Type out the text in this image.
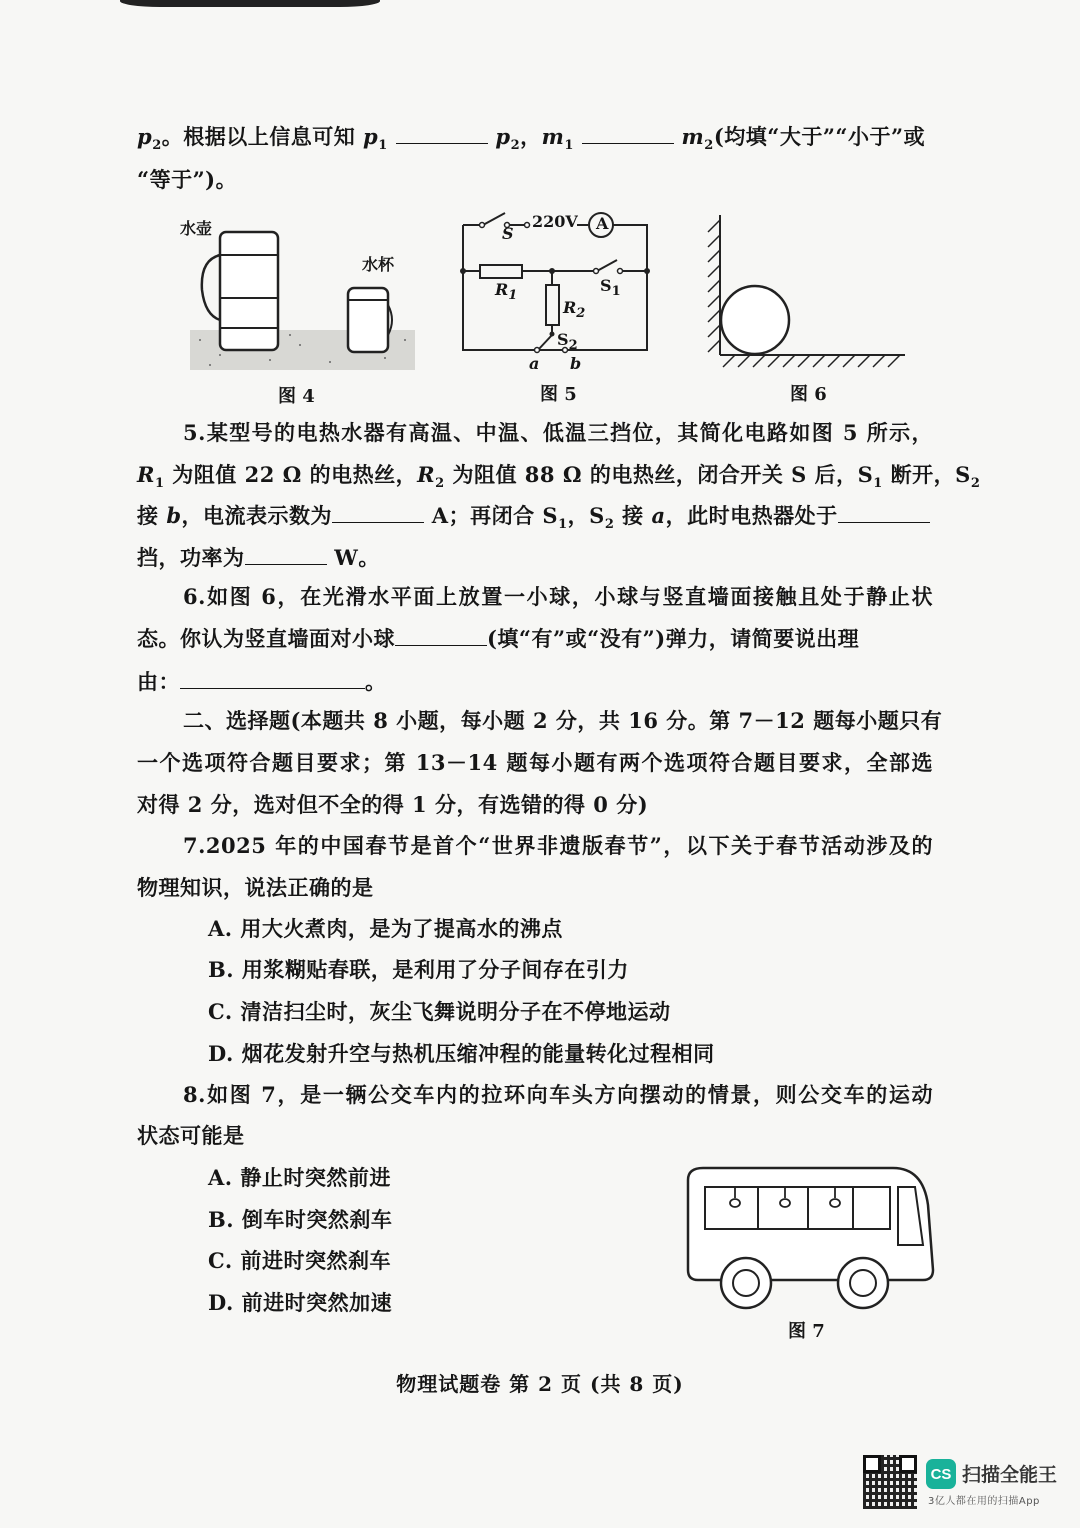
$p_2$。根据以上信息可知 $p_1$	$p_2$，$m_1$	$m_2$(均填“大于”“小于”或
“等于”)。
水壶
水杯
图 4
S
220V A
$R_1$
$R_2$
$S_1$
$S_2$
a b
图 5	图 6
5.某型号的电热水器有高温、中温、低温三挡位，其简化电路如图 5 所示，
$R_1$ 为阻值 22 Ω 的电热丝，$R_2$ 为阻值 88 Ω 的电热丝，闭合开关 S 后，$S_1$ 断开，$S_2$
接 b，电流表示数为	A；再闭合 $S_1$，$S_2$ 接 a，此时电热器处于
挡，功率为	W。
6.如图 6，在光滑水平面上放置一小球，小球与竖直墙面接触且处于静止状
态。你认为竖直墙面对小球	(填“有”或“没有”)弹力，请简要说出理
由：	。
二、选择题(本题共 8 小题，每小题 2 分，共 16 分。第 7－12 题每小题只有
一个选项符合题目要求；第 13－14 题每小题有两个选项符合题目要求，全部选
对得 2 分，选对但不全的得 1 分，有选错的得 0 分)
7.2025 年的中国春节是首个“世界非遗版春节”，以下关于春节活动涉及的
物理知识，说法正确的是
A. 用大火煮肉，是为了提高水的沸点
B. 用浆糊贴春联，是利用了分子间存在引力
C. 清洁扫尘时，灰尘飞舞说明分子在不停地运动
D. 烟花发射升空与热机压缩冲程的能量转化过程相同
8.如图 7，是一辆公交车内的拉环向车头方向摆动的情景，则公交车的运动
状态可能是
A. 静止时突然前进
B. 倒车时突然刹车
C. 前进时突然刹车
D. 前进时突然加速
图 7
物理试题卷 第 2 页 (共 8 页)
CS 扫描全能王
3亿人都在用的扫描App
